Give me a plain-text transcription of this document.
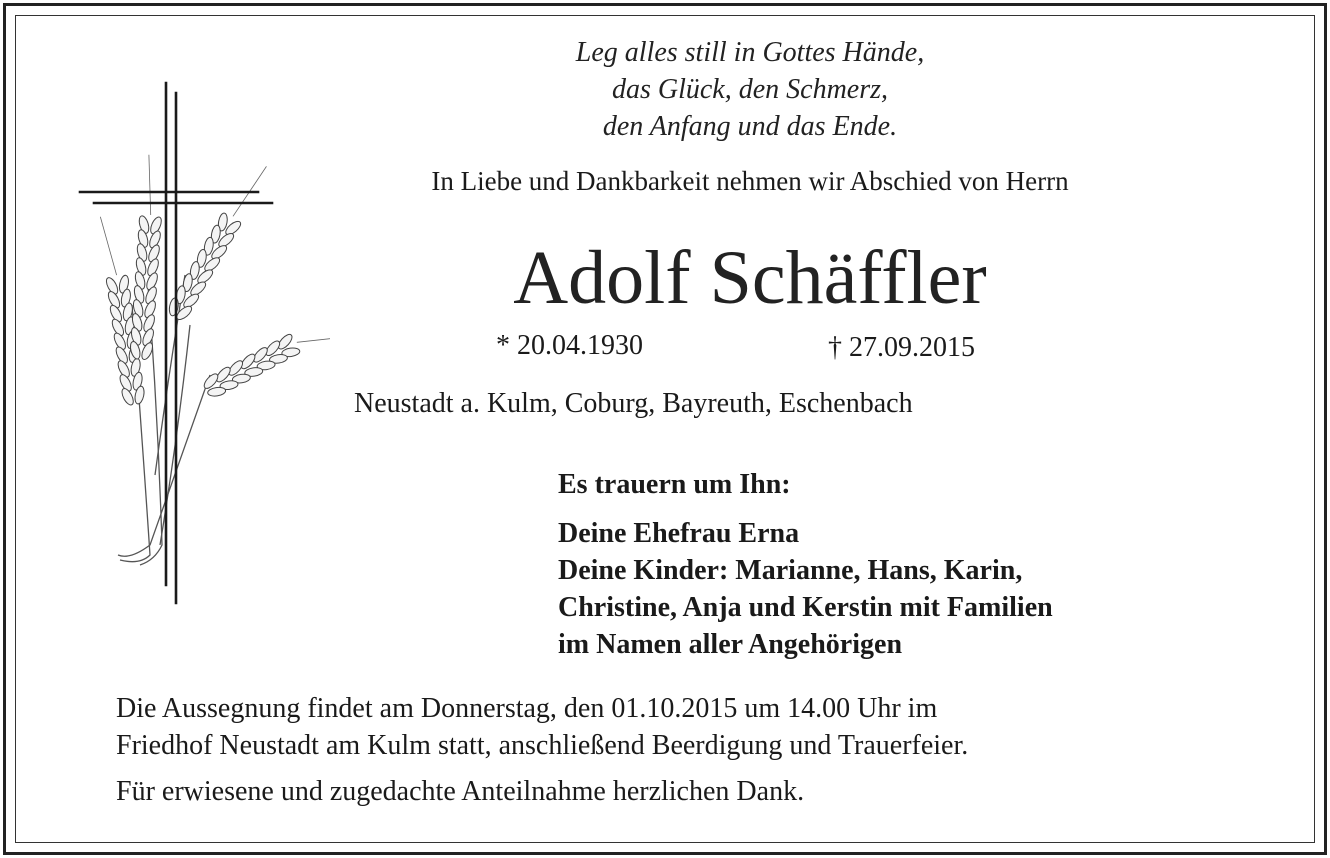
Leg alles still in Gottes Hände,
das Glück, den Schmerz,
den Anfang und das Ende.
In Liebe und Dankbarkeit nehmen wir Abschied von Herrn
Adolf Schäffler
* 20.04.1930	† 27.09.2015
Neustadt a. Kulm, Coburg, Bayreuth, Eschenbach
Es trauern um Ihn:
Deine Ehefrau Erna
Deine Kinder: Marianne, Hans, Karin,
Christine, Anja und Kerstin mit Familien
im Namen aller Angehörigen
Die Aussegnung findet am Donnerstag, den 01.10.2015 um 14.00 Uhr im
Friedhof Neustadt am Kulm statt, anschließend Beerdigung und Trauerfeier.
Für erwiesene und zugedachte Anteilnahme herzlichen Dank.
